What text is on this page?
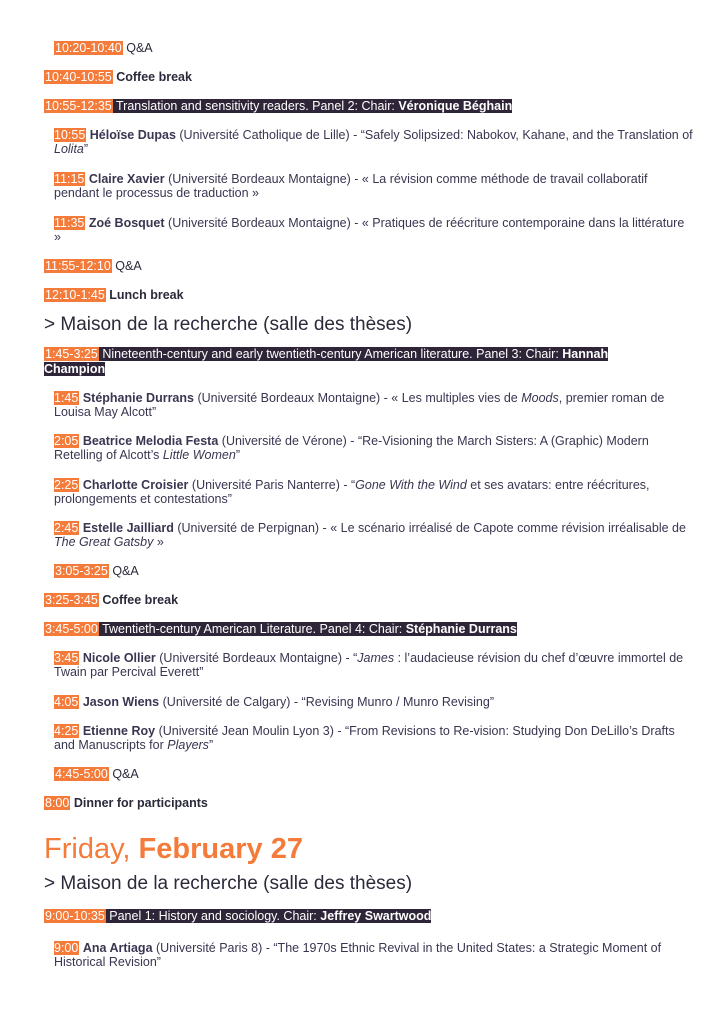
10:20-10:40 Q&A
10:40-10:55 Coffee break
10:55-12:35 Translation and sensitivity readers. Panel 2: Chair: Véronique Béghain
10:55 Héloïse Dupas (Université Catholique de Lille) - “Safely Solipsized: Nabokov, Kahane, and the Translation of Lolita”
11:15 Claire Xavier (Université Bordeaux Montaigne) - « La révision comme méthode de travail collaboratif pendant le processus de traduction »
11:35 Zoé Bosquet (Université Bordeaux Montaigne) - « Pratiques de réécriture contemporaine dans la littérature »
11:55-12:10 Q&A
12:10-1:45 Lunch break
> Maison de la recherche (salle des thèses)
1:45-3:25 Nineteenth-century and early twentieth-century American literature. Panel 3: Chair: Hannah Champion
1:45 Stéphanie Durrans (Université Bordeaux Montaigne) - « Les multiples vies de Moods, premier roman de Louisa May Alcott”
2:05 Beatrice Melodia Festa (Université de Vérone) - “Re-Visioning the March Sisters: A (Graphic) Modern Retelling of Alcott’s Little Women”
2:25 Charlotte Croisier (Université Paris Nanterre) - “Gone With the Wind et ses avatars: entre réécritures, prolongements et contestations”
2:45 Estelle Jailliard (Université de Perpignan) - « Le scénario irréalisé de Capote comme révision irréalisable de The Great Gatsby »
3:05-3:25 Q&A
3:25-3:45 Coffee break
3:45-5:00 Twentieth-century American Literature. Panel 4: Chair: Stéphanie Durrans
3:45 Nicole Ollier (Université Bordeaux Montaigne) - “James : l’audacieuse révision du chef d’œuvre immortel de Twain par Percival Everett”
4:05 Jason Wiens (Université de Calgary) - “Revising Munro / Munro Revising”
4:25 Etienne Roy (Université Jean Moulin Lyon 3) - “From Revisions to Re-vision: Studying Don DeLillo’s Drafts and Manuscripts for Players”
4:45-5:00 Q&A
8:00 Dinner for participants
Friday, February 27
> Maison de la recherche (salle des thèses)
9:00-10:35 Panel 1: History and sociology. Chair: Jeffrey Swartwood
9:00 Ana Artiaga (Université Paris 8) - “The 1970s Ethnic Revival in the United States: a Strategic Moment of Historical Revision”
